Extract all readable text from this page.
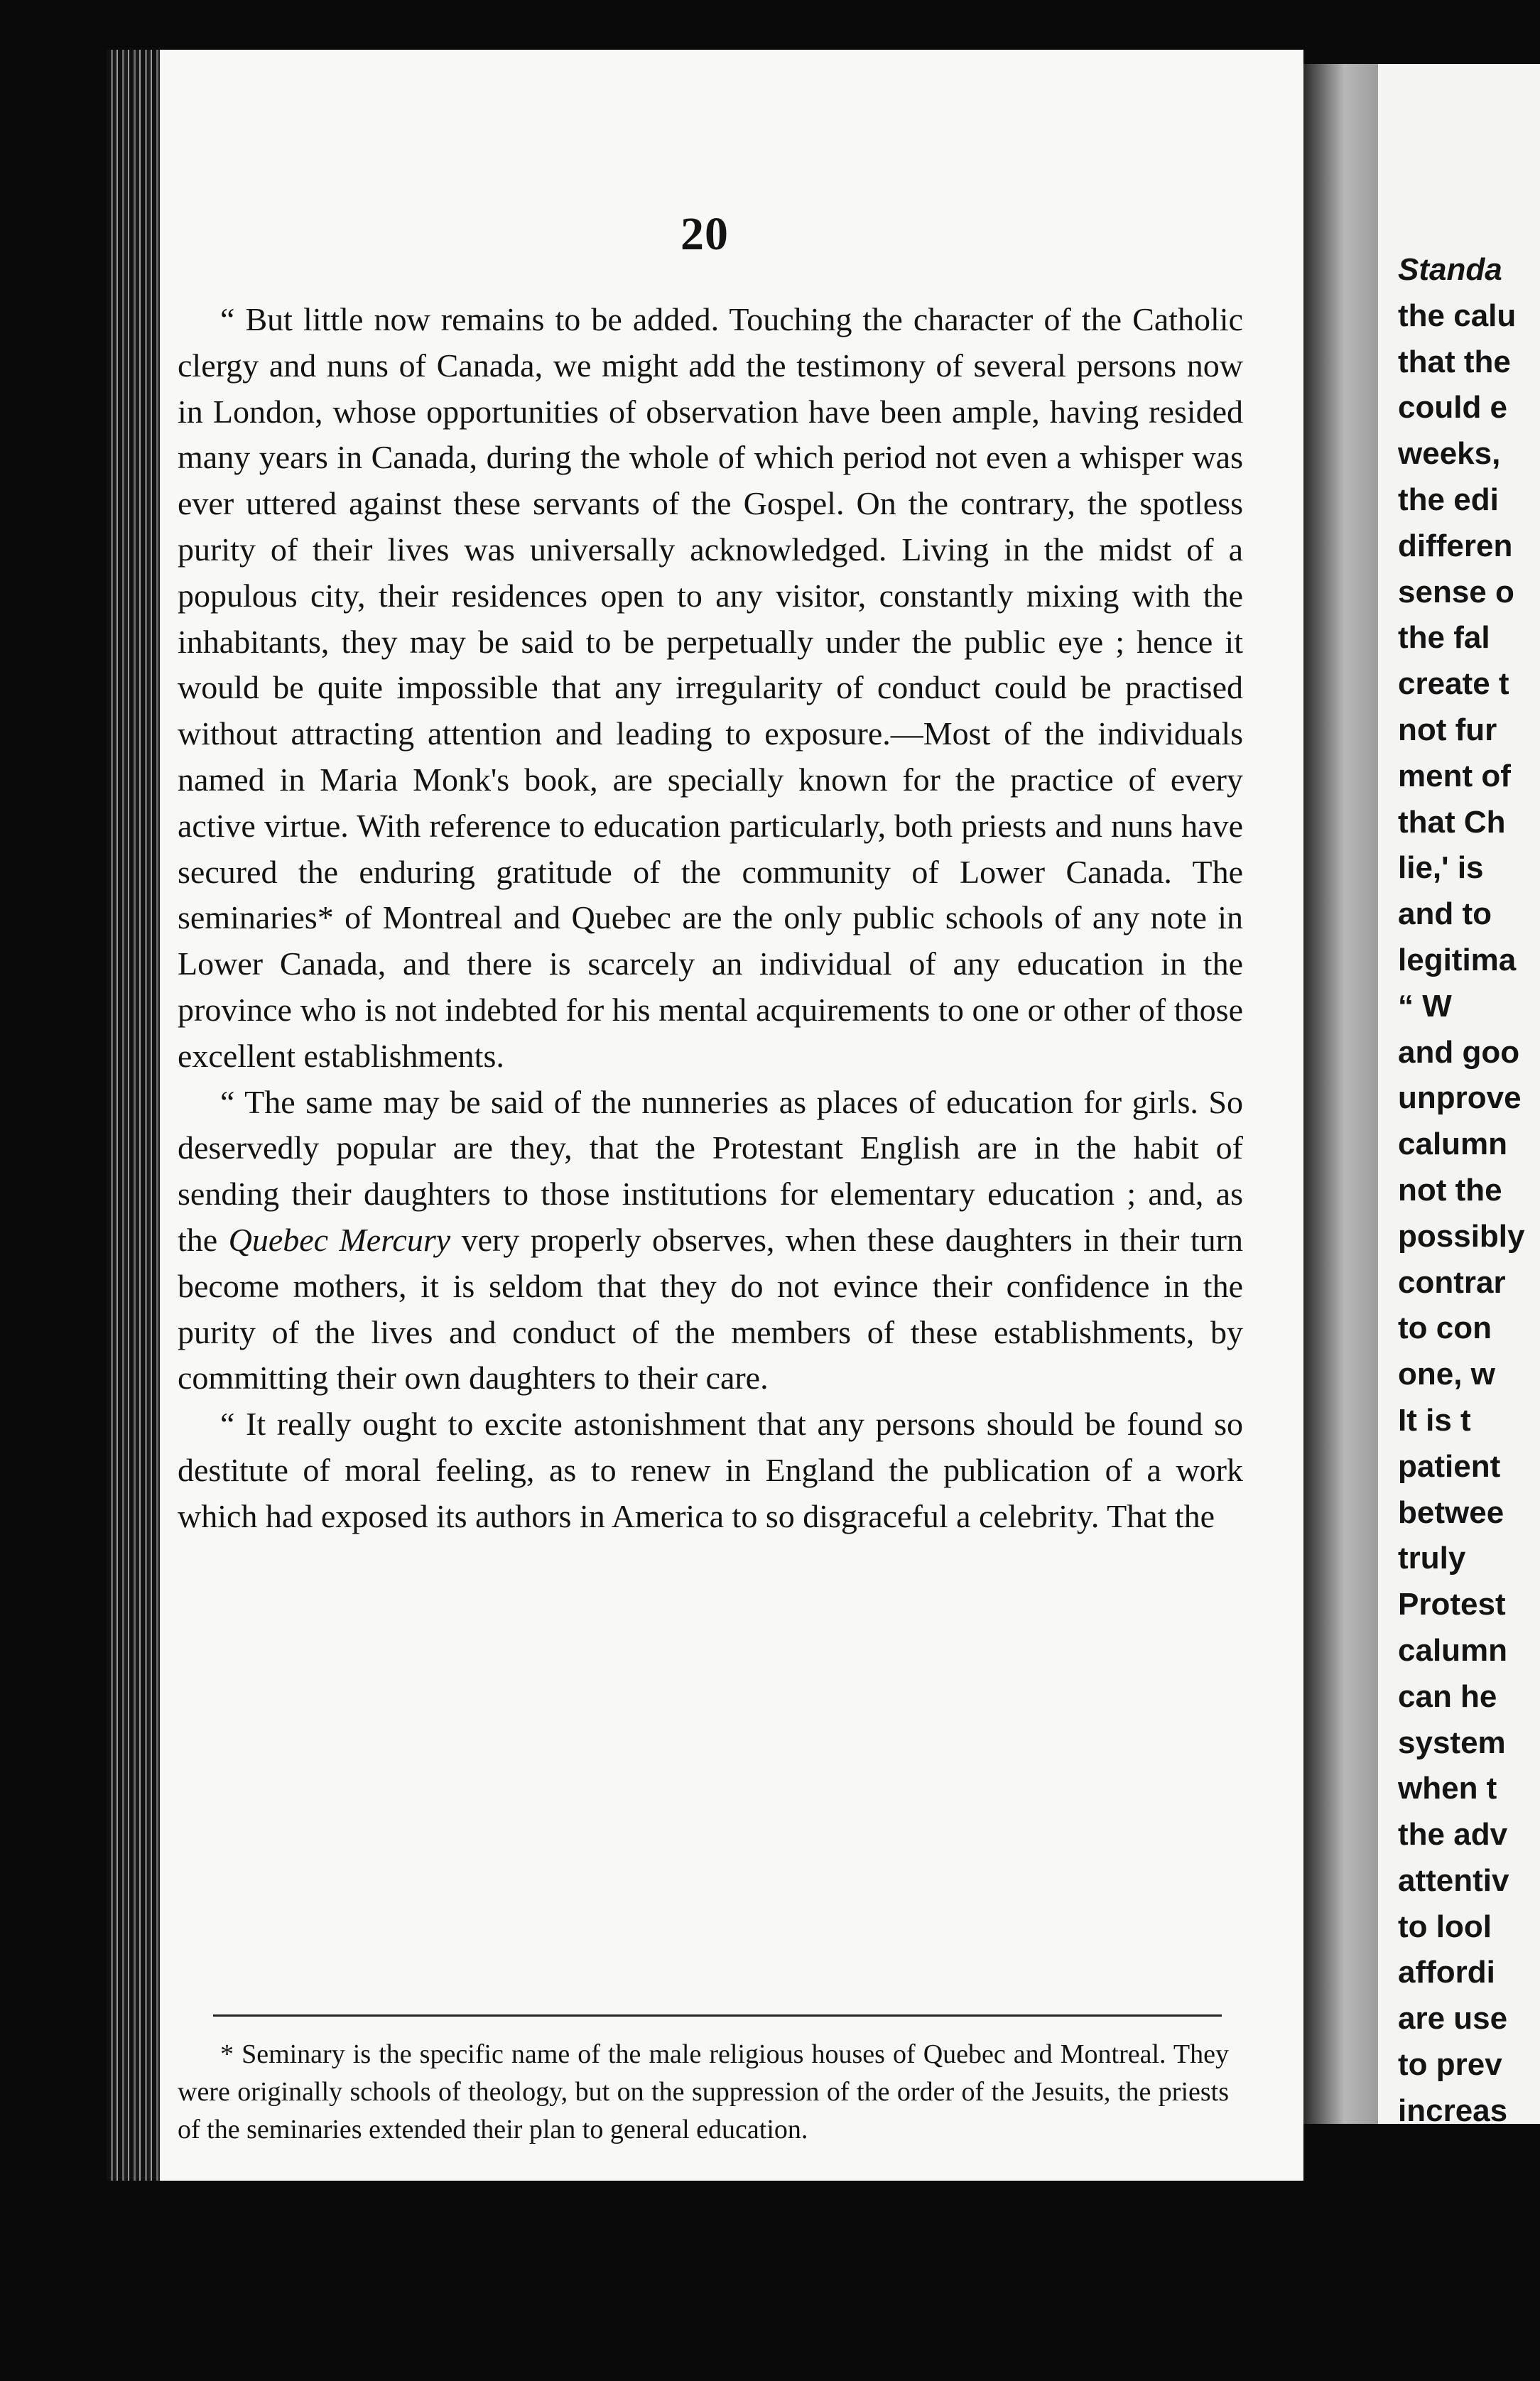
20

“ But little now remains to be added. Touching the character of the Catholic clergy and nuns of Canada, we might add the testimony of several persons now in London, whose opportunities of observation have been ample, having resided many years in Canada, during the whole of which period not even a whisper was ever uttered against these servants of the Gospel. On the contrary, the spotless purity of their lives was universally acknowledged. Living in the midst of a populous city, their residences open to any visitor, constantly mixing with the inhabitants, they may be said to be perpetually under the public eye ; hence it would be quite impossible that any irregularity of conduct could be practised without attracting attention and leading to exposure.—Most of the individuals named in Maria Monk's book, are specially known for the practice of every active virtue. With reference to education particularly, both priests and nuns have secured the enduring gratitude of the community of Lower Canada. The seminaries* of Montreal and Quebec are the only public schools of any note in Lower Canada, and there is scarcely an individual of any education in the province who is not indebted for his mental acquirements to one or other of those excellent establishments.

“ The same may be said of the nunneries as places of education for girls. So deservedly popular are they, that the Protestant English are in the habit of sending their daughters to those institutions for elementary education ; and, as the Quebec Mercury very properly observes, when these daughters in their turn become mothers, it is seldom that they do not evince their confidence in the purity of the lives and conduct of the members of these establishments, by committing their own daughters to their care.

“ It really ought to excite astonishment that any persons should be found so destitute of moral feeling, as to renew in England the publication of a work which had exposed its authors in America to so disgraceful a celebrity. That the

* Seminary is the specific name of the male religious houses of Quebec and Montreal. They were originally schools of theology, but on the suppression of the order of the Jesuits, the priests of the seminaries extended their plan to general education.

Standa
the calu
that the
could e
weeks,
the edi
differen
sense o
the fal
create t
not fur
ment of
that Ch
lie,' is
and to
legitima
“ W
and goo
unprove
calumn
not the
possibly
contrar
to con
one, w
It is t
patient
betwee
truly
Protest
calumn
can he
system
when t
the adv
attentiv
to lool
affordi
are use
to prev
increas
